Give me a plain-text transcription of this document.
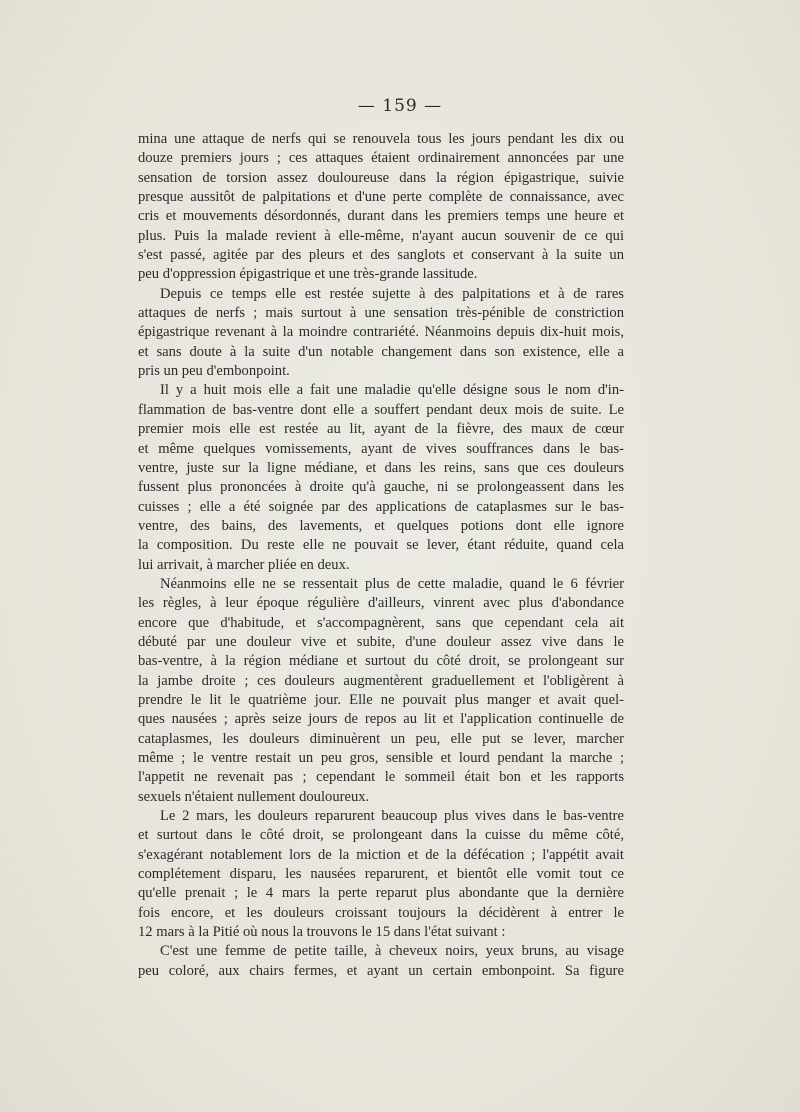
— 159 —
mina une attaque de nerfs qui se renouvela tous les jours pendant les dix ou
douze premiers jours ; ces attaques étaient ordinairement annoncées par une
sensation de torsion assez douloureuse dans la région épigastrique, suivie
presque aussitôt de palpitations et d'une perte complète de connaissance, avec
cris et mouvements désordonnés, durant dans les premiers temps une heure et
plus. Puis la malade revient à elle-même, n'ayant aucun souvenir de ce qui
s'est passé, agitée par des pleurs et des sanglots et conservant à la suite un
peu d'oppression épigastrique et une très-grande lassitude.
Depuis ce temps elle est restée sujette à des palpitations et à de rares
attaques de nerfs ; mais surtout à une sensation très-pénible de constriction
épigastrique revenant à la moindre contrariété. Néanmoins depuis dix-huit mois,
et sans doute à la suite d'un notable changement dans son existence, elle a
pris un peu d'embonpoint.
Il y a huit mois elle a fait une maladie qu'elle désigne sous le nom d'in-
flammation de bas-ventre dont elle a souffert pendant deux mois de suite. Le
premier mois elle est restée au lit, ayant de la fièvre, des maux de cœur
et même quelques vomissements, ayant de vives souffrances dans le bas-
ventre, juste sur la ligne médiane, et dans les reins, sans que ces douleurs
fussent plus prononcées à droite qu'à gauche, ni se prolongeassent dans les
cuisses ; elle a été soignée par des applications de cataplasmes sur le bas-
ventre, des bains, des lavements, et quelques potions dont elle ignore
la composition. Du reste elle ne pouvait se lever, étant réduite, quand cela
lui arrivait, à marcher pliée en deux.
Néanmoins elle ne se ressentait plus de cette maladie, quand le 6 février
les règles, à leur époque régulière d'ailleurs, vinrent avec plus d'abondance
encore que d'habitude, et s'accompagnèrent, sans que cependant cela ait
débuté par une douleur vive et subite, d'une douleur assez vive dans le
bas-ventre, à la région médiane et surtout du côté droit, se prolongeant sur
la jambe droite ; ces douleurs augmentèrent graduellement et l'obligèrent à
prendre le lit le quatrième jour. Elle ne pouvait plus manger et avait quel-
ques nausées ; après seize jours de repos au lit et l'application continuelle de
cataplasmes, les douleurs diminuèrent un peu, elle put se lever, marcher
même ; le ventre restait un peu gros, sensible et lourd pendant la marche ;
l'appetit ne revenait pas ; cependant le sommeil était bon et les rapports
sexuels n'étaient nullement douloureux.
Le 2 mars, les douleurs reparurent beaucoup plus vives dans le bas-ventre
et surtout dans le côté droit, se prolongeant dans la cuisse du même côté,
s'exagérant notablement lors de la miction et de la défécation ; l'appétit avait
complétement disparu, les nausées reparurent, et bientôt elle vomit tout ce
qu'elle prenait ; le 4 mars la perte reparut plus abondante que la dernière
fois encore, et les douleurs croissant toujours la décidèrent à entrer le
12 mars à la Pitié où nous la trouvons le 15 dans l'état suivant :
C'est une femme de petite taille, à cheveux noirs, yeux bruns, au visage
peu coloré, aux chairs fermes, et ayant un certain embonpoint. Sa figure
